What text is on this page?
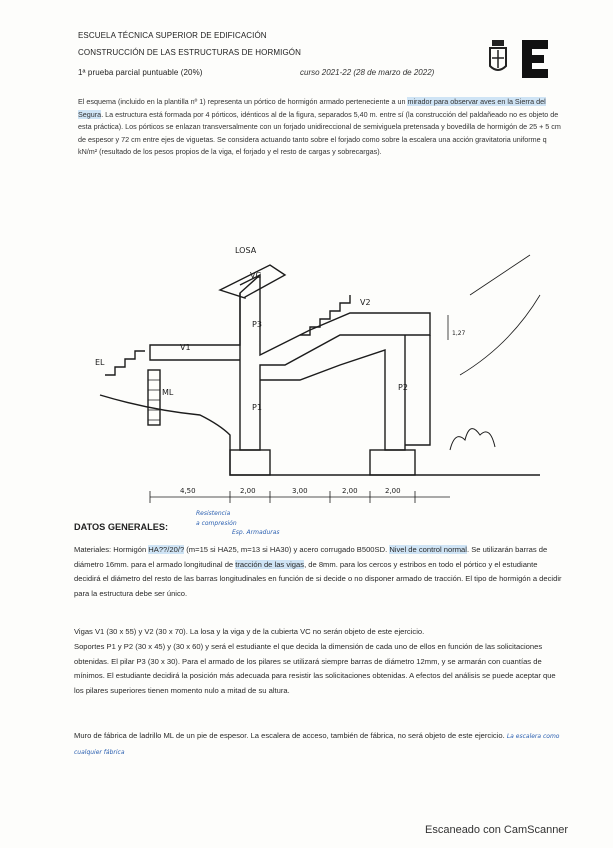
ESCUELA TÉCNICA SUPERIOR DE EDIFICACIÓN
CONSTRUCCIÓN DE LAS ESTRUCTURAS DE HORMIGÓN
1ª prueba parcial puntuable (20%)	curso 2021-22 (28 de marzo de 2022)
El esquema (incluido en la plantilla nº 1) representa un pórtico de hormigón armado perteneciente a un mirador para observar aves en la Sierra del Segura. La estructura está formada por 4 pórticos, idénticos al de la figura, separados 5,40 m. entre sí (la construcción del paldañeado no es objeto de esta práctica). Los pórticos se enlazan transversalmente con un forjado unidireccional de semiviguela pretensada y bovedilla de hormigón de 25 + 5 cm de espesor y 72 cm entre ejes de viguetas. Se considera actuando tanto sobre el forjado como sobre la escalera una acción gravitatoria uniforme q kN/m² (resultado de los pesos propios de la viga, el forjado y el resto de cargas y sobrecargas).
LOSA
VC
V1
V2
P3
P1
P2
EL
ML
1,27
4,50	2,00	3,00	2,00	2,00
DATOS GENERALES:
Resistencia
a compresión
Esp. Armaduras
Materiales: Hormigón HA??/20/? (m=15 si HA25, m=13 si HA30) y acero corrugado B500SD. Nivel de control normal. Se utilizarán barras de diámetro 16mm. para el armado longitudinal de tracción de las vigas, de 8mm. para los cercos y estribos en todo el pórtico y el estudiante decidirá el diámetro del resto de las barras longitudinales en función de si decide o no disponer armado de tracción. El tipo de hormigón a decidir para la estructura debe ser único.
Vigas V1 (30 x 55) y V2 (30 x 70). La losa y la viga y de la cubierta VC no serán objeto de este ejercicio.
Soportes P1 y P2 (30 x 45) y (30 x 60) y será el estudiante el que decida la dimensión de cada uno de ellos en función de las solicitaciones obtenidas. El pilar P3 (30 x 30). Para el armado de los pilares se utilizará siempre barras de diámetro 12mm, y se armarán con cuantías de mínimos. El estudiante decidirá la posición más adecuada para resistir las solicitaciones obtenidas. A efectos del análisis se puede aceptar que los pilares superiores tienen momento nulo a mitad de su altura.
Muro de fábrica de ladrillo ML de un pie de espesor. La escalera de acceso, también de fábrica, no será objeto de este ejercicio. La escalera como cualquier fábrica
Escaneado con CamScanner
